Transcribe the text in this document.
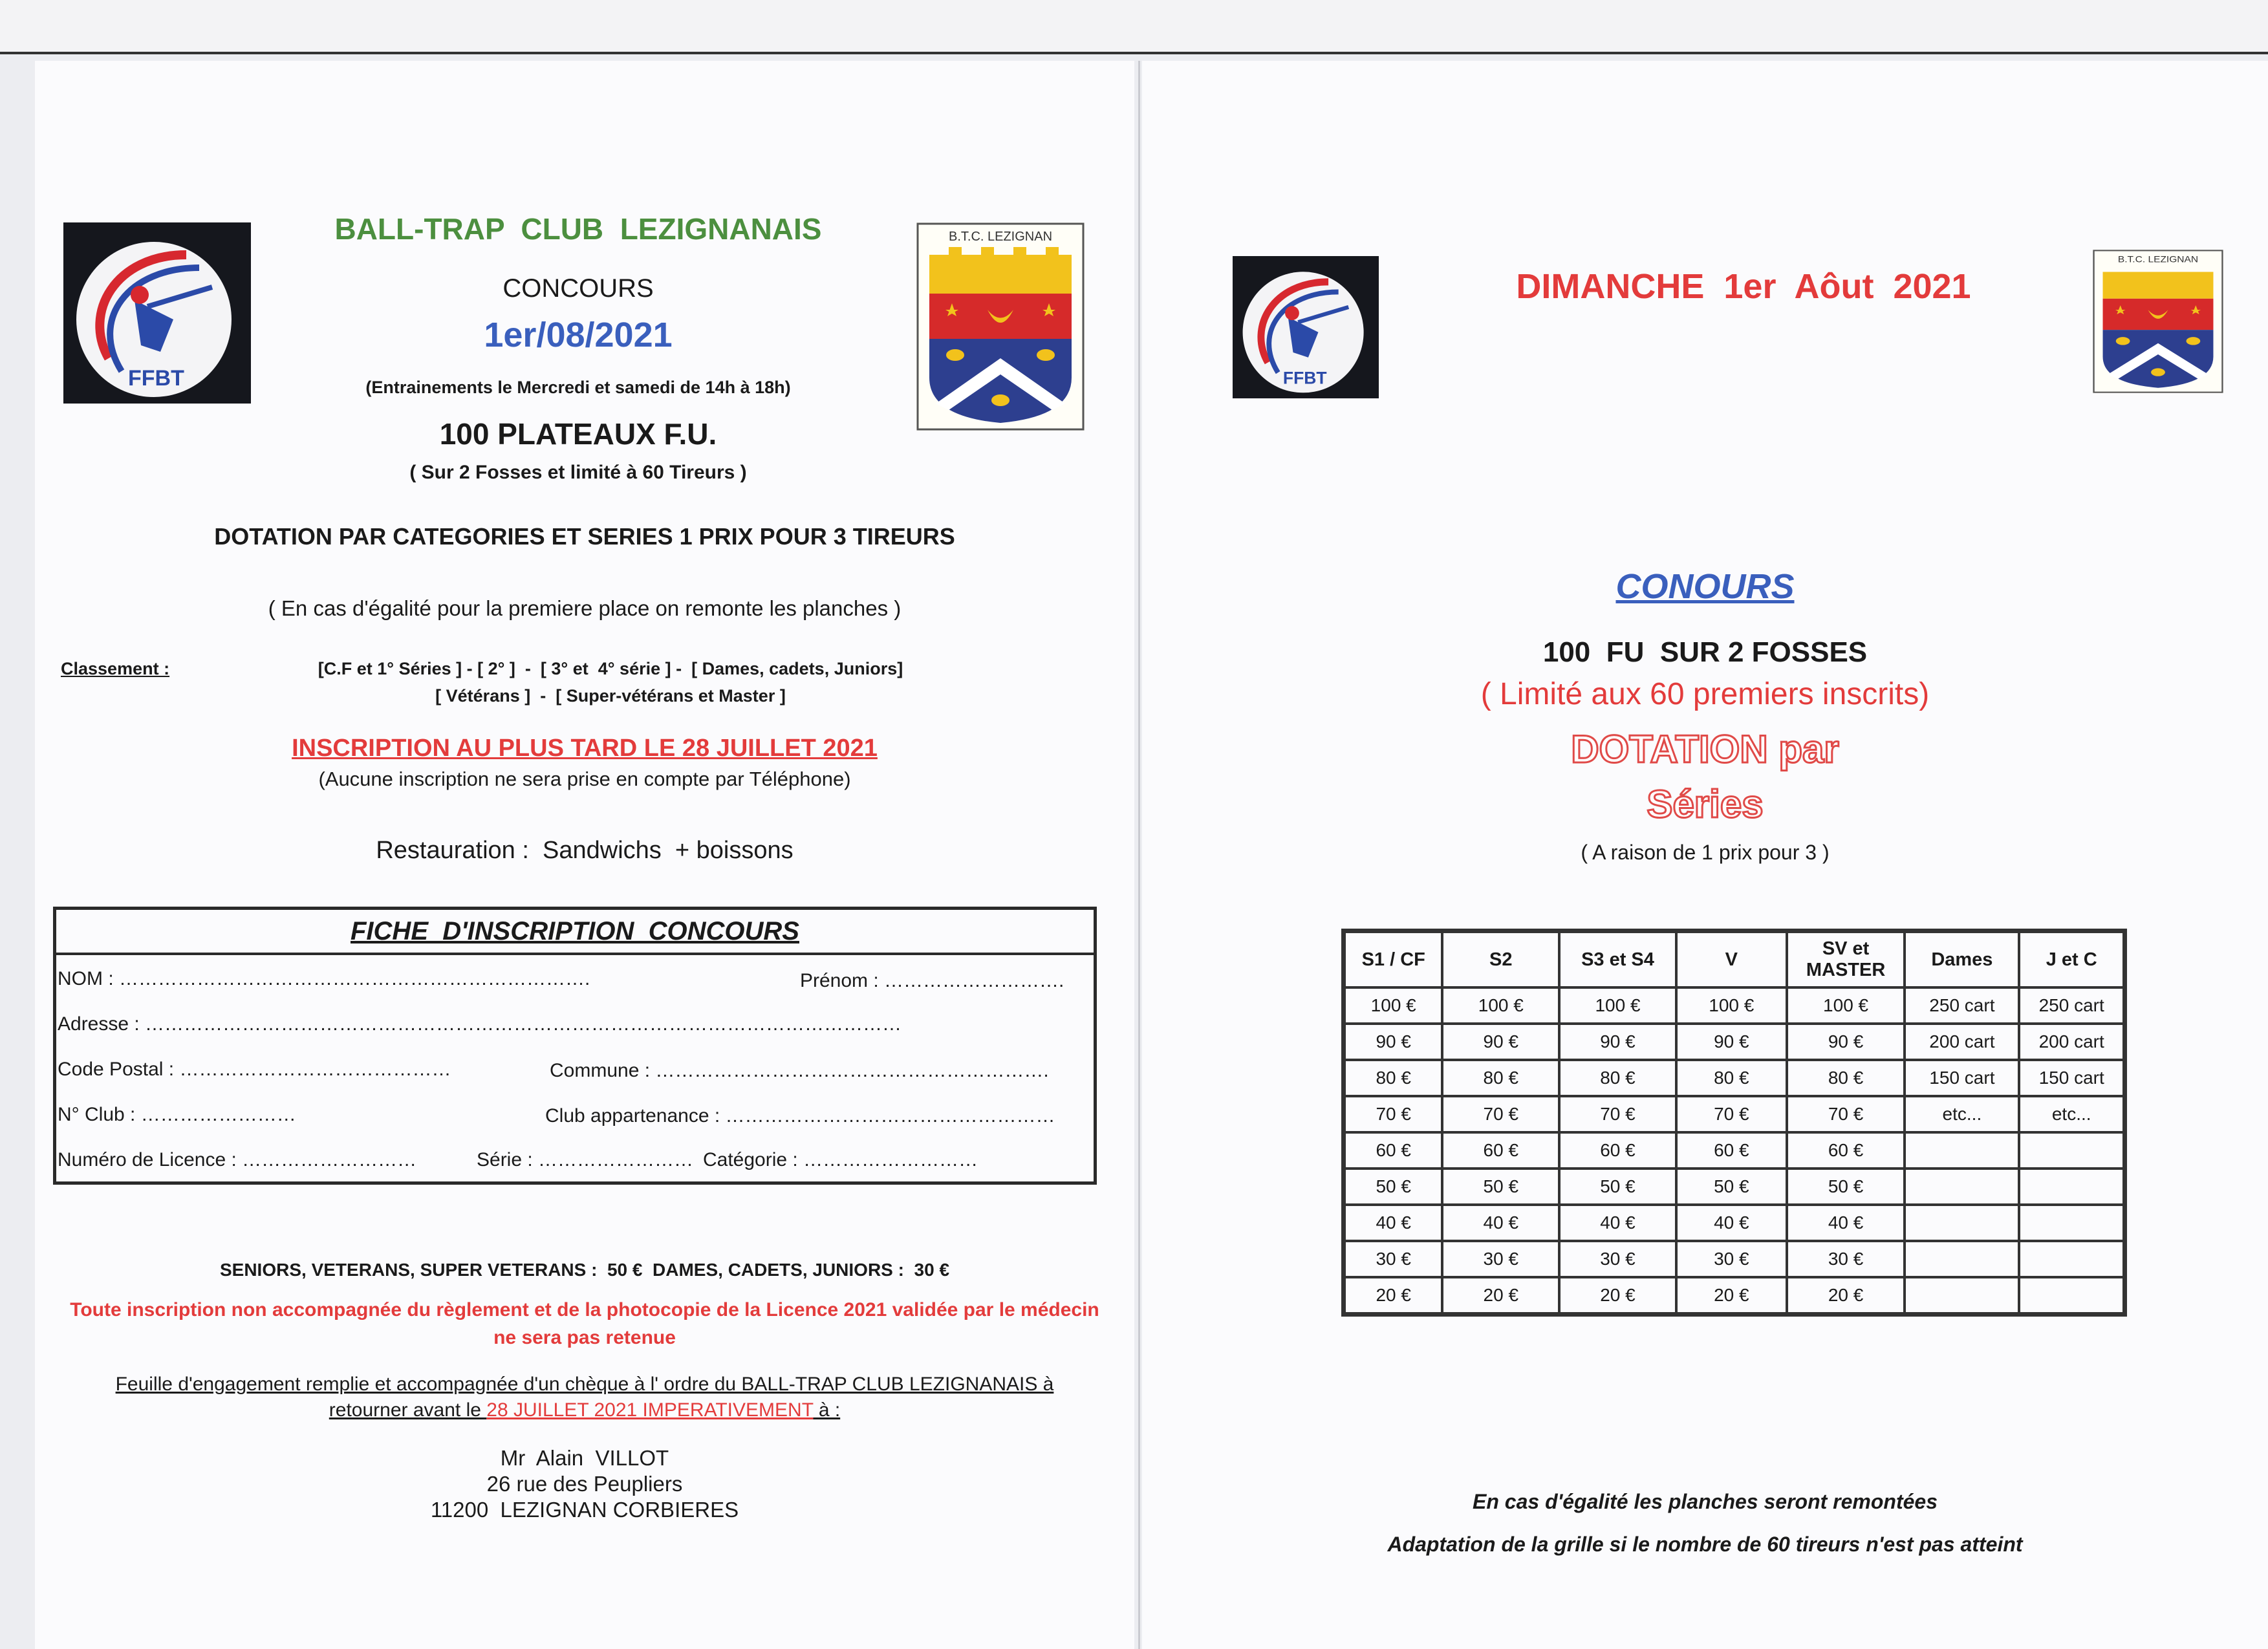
FFBT
B.T.C. LEZIGNAN
BALL-TRAP  CLUB  LEZIGNANAIS
CONCOURS
1er/08/2021
(Entrainements le Mercredi et samedi de 14h à 18h)
100 PLATEAUX F.U.
( Sur 2 Fosses et limité à 60 Tireurs )
DOTATION PAR CATEGORIES ET SERIES 1 PRIX POUR 3 TIREURS
( En cas d'égalité pour la premiere place on remonte les planches )
Classement :	[C.F et 1° Séries ] - [ 2° ]  -  [ 3° et  4° série ] -  [ Dames, cadets, Juniors]
[ Vétérans ]  -  [ Super-vétérans et Master ]
INSCRIPTION AU PLUS TARD LE 28 JUILLET 2021
(Aucune inscription ne sera prise en compte par Téléphone)
Restauration :  Sandwichs  + boissons
FICHE  D'INSCRIPTION  CONCOURS
NOM : ……………………………………………………………….	Prénom : ……………………….
Adresse : ………………………………………………………………………………………………………
Code Postal : ……………………………………	Commune : …………………………………………………….
N° Club : ……………………	Club appartenance : ……………………………………………
Numéro de Licence : ………………………	Série : …………………… Catégorie : ………………………
SENIORS, VETERANS, SUPER VETERANS :  50 €  DAMES, CADETS, JUNIORS :  30 €
Toute inscription non accompagnée du règlement et de la photocopie de la Licence 2021 validée par le médecin ne sera pas retenue
Feuille d'engagement remplie et accompagnée d'un chèque à l' ordre du BALL-TRAP CLUB LEZIGNANAIS à
retourner avant le 28 JUILLET 2021 IMPERATIVEMENT à :
Mr  Alain  VILLOT
26 rue des Peupliers
11200  LEZIGNAN CORBIERES
FFBT
B.T.C. LEZIGNAN
DIMANCHE  1er  Aôut  2021
CONOURS
100  FU  SUR 2 FOSSES
( Limité aux 60 premiers inscrits)
DOTATION par
Séries
( A raison de 1 prix pour 3 )
S1 / CF	S2	S3 et S4	V	SV et MASTER	Dames	J et C
100 €	100 €	100 €	100 €	100 €	250 cart	250 cart
90 €	90 €	90 €	90 €	90 €	200 cart	200 cart
80 €	80 €	80 €	80 €	80 €	150 cart	150 cart
70 €	70 €	70 €	70 €	70 €	etc...	etc...
60 €	60 €	60 €	60 €	60 €		
50 €	50 €	50 €	50 €	50 €		
40 €	40 €	40 €	40 €	40 €		
30 €	30 €	30 €	30 €	30 €		
20 €	20 €	20 €	20 €	20 €		
En cas d'égalité les planches seront remontées
Adaptation de la grille si le nombre de 60 tireurs n'est pas atteint
